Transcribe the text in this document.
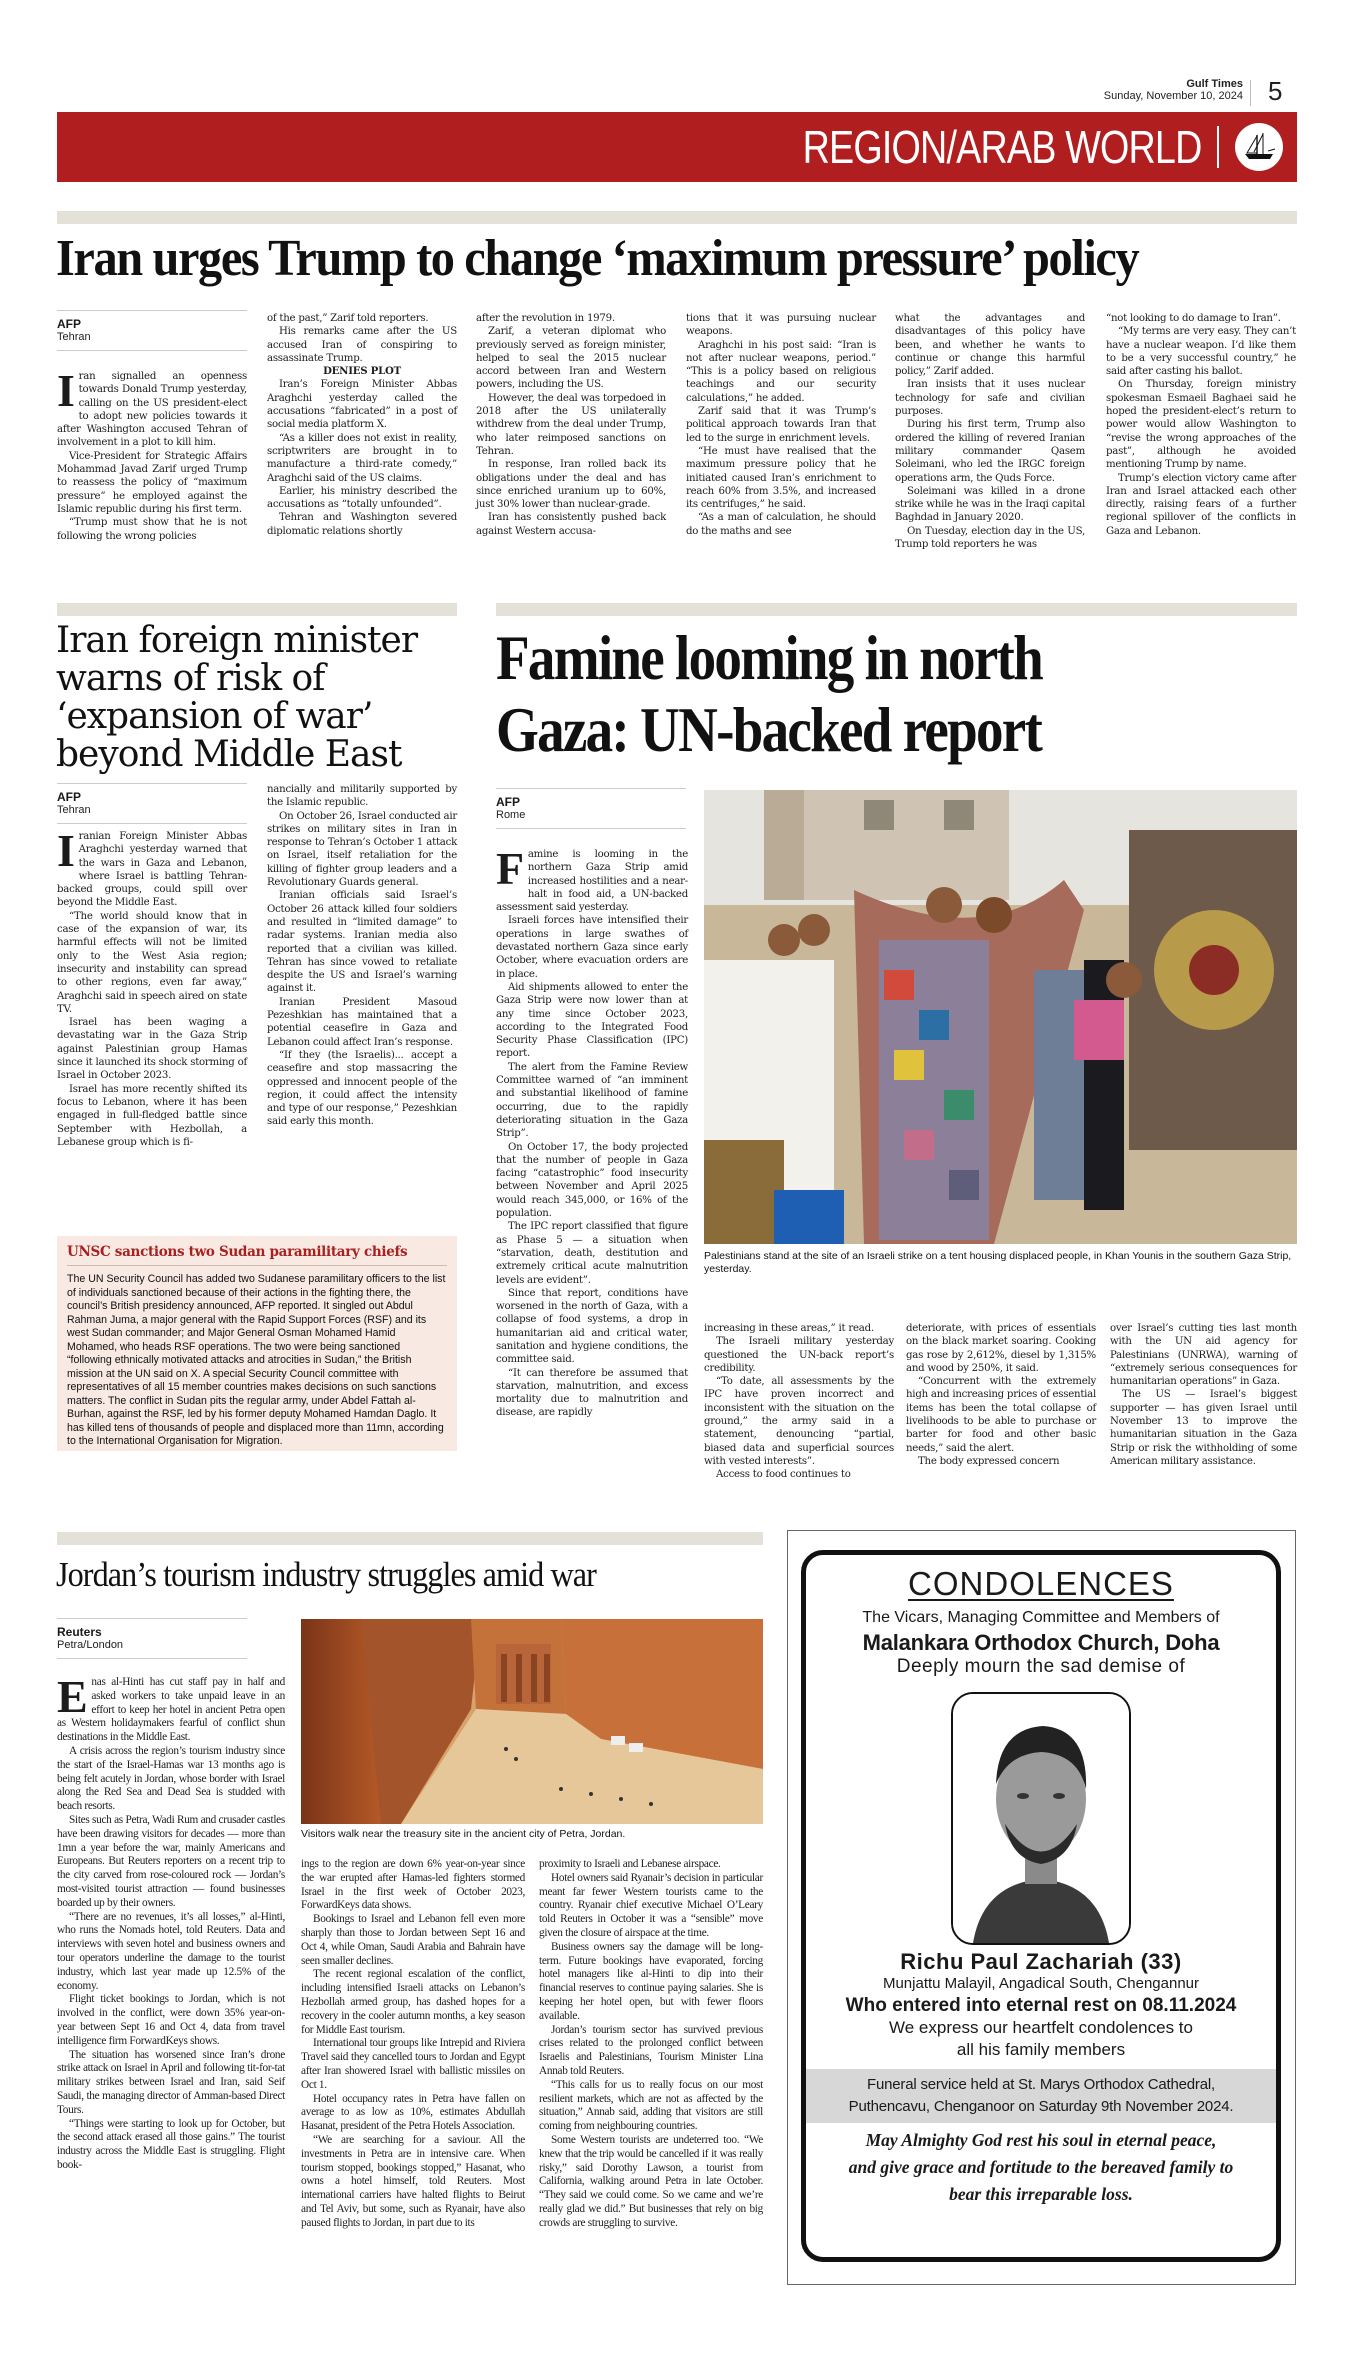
Gulf Times
Sunday, November 10, 2024 5
REGION/ARAB WORLD
Iran urges Trump to change ‘maximum pressure’ policy
AFP
Tehran

Iran signalled an openness towards Donald Trump yesterday, calling on the US president-elect to adopt new policies towards it after Washington accused Tehran of involvement in a plot to kill him.

Vice-President for Strategic Affairs Mohammad Javad Zarif urged Trump to reassess the policy of “maximum pressure” he employed against the Islamic republic during his first term.

“Trump must show that he is not following the wrong policies

of the past,” Zarif told reporters.

His remarks came after the US accused Iran of conspiring to assassinate Trump.

DENIES PLOT

Iran’s Foreign Minister Abbas Araghchi yesterday called the accusations “fabricated” in a post of social media platform X.

“As a killer does not exist in reality, scriptwriters are brought in to manufacture a third-rate comedy,” Araghchi said of the US claims.

Earlier, his ministry described the accusations as “totally unfounded”.

Tehran and Washington severed diplomatic relations shortly

after the revolution in 1979.

Zarif, a veteran diplomat who previously served as foreign minister, helped to seal the 2015 nuclear accord between Iran and Western powers, including the US.

However, the deal was torpedoed in 2018 after the US unilaterally withdrew from the deal under Trump, who later reimposed sanctions on Tehran.

In response, Iran rolled back its obligations under the deal and has since enriched uranium up to 60%, just 30% lower than nuclear-grade.

Iran has consistently pushed back against Western accusa-

tions that it was pursuing nuclear weapons.

Araghchi in his post said: “Iran is not after nuclear weapons, period.” “This is a policy based on religious teachings and our security calculations,” he added.

Zarif said that it was Trump’s political approach towards Iran that led to the surge in enrichment levels.

“He must have realised that the maximum pressure policy that he initiated caused Iran’s enrichment to reach 60% from 3.5%, and increased its centrifuges,” he said.

“As a man of calculation, he should do the maths and see

what the advantages and disadvantages of this policy have been, and whether he wants to continue or change this harmful policy,” Zarif added.

Iran insists that it uses nuclear technology for safe and civilian purposes.

During his first term, Trump also ordered the killing of revered Iranian military commander Qasem Soleimani, who led the IRGC foreign operations arm, the Quds Force.

Soleimani was killed in a drone strike while he was in the Iraqi capital Baghdad in January 2020.

On Tuesday, election day in the US, Trump told reporters he was

“not looking to do damage to Iran”.

“My terms are very easy. They can’t have a nuclear weapon. I’d like them to be a very successful country,” he said after casting his ballot.

On Thursday, foreign ministry spokesman Esmaeil Baghaei said he hoped the president-elect’s return to power would allow Washington to “revise the wrong approaches of the past”, although he avoided mentioning Trump by name.

Trump’s election victory came after Iran and Israel attacked each other directly, raising fears of a further regional spillover of the conflicts in Gaza and Lebanon.

Iran foreign minister
warns of risk of
‘expansion of war’
beyond Middle East
AFP
Tehran

Iranian Foreign Minister Abbas Araghchi yesterday warned that the wars in Gaza and Lebanon, where Israel is battling Tehran-backed groups, could spill over beyond the Middle East.

“The world should know that in case of the expansion of war, its harmful effects will not be limited only to the West Asia region; insecurity and instability can spread to other regions, even far away,” Araghchi said in speech aired on state TV.

Israel has been waging a devastating war in the Gaza Strip against Palestinian group Hamas since it launched its shock storming of Israel in October 2023.

Israel has more recently shifted its focus to Lebanon, where it has been engaged in full-fledged battle since September with Hezbollah, a Lebanese group which is fi-

nancially and militarily supported by the Islamic republic.

On October 26, Israel conducted air strikes on military sites in Iran in response to Tehran’s October 1 attack on Israel, itself retaliation for the killing of fighter group leaders and a Revolutionary Guards general.

Iranian officials said Israel’s October 26 attack killed four soldiers and resulted in “limited damage” to radar systems. Iranian media also reported that a civilian was killed. Tehran has since vowed to retaliate despite the US and Israel’s warning against it.

Iranian President Masoud Pezeshkian has maintained that a potential ceasefire in Gaza and Lebanon could affect Iran’s response.

“If they (the Israelis)... accept a ceasefire and stop massacring the oppressed and innocent people of the region, it could affect the intensity and type of our response,” Pezeshkian said early this month.

UNSC sanctions two Sudan paramilitary chiefs
The UN Security Council has added two Sudanese paramilitary officers to the list of individuals sanctioned because of their actions in the fighting there, the council’s British presidency announced, AFP reported. It singled out Abdul Rahman Juma, a major general with the Rapid Support Forces (RSF) and its west Sudan commander; and Major General Osman Mohamed Hamid Mohamed, who heads RSF operations. The two were being sanctioned “following ethnically motivated attacks and atrocities in Sudan,” the British mission at the UN said on X. A special Security Council committee with representatives of all 15 member countries makes decisions on such sanctions matters. The conflict in Sudan pits the regular army, under Abdel Fattah al-Burhan, against the RSF, led by his former deputy Mohamed Hamdan Daglo. It has killed tens of thousands of people and displaced more than 11mn, according to the International Organisation for Migration.
Famine looming in north
Gaza: UN-backed report
AFP
Rome
Palestinians stand at the site of an Israeli strike on a tent housing displaced people, in Khan Younis in the southern Gaza Strip, yesterday.

Famine is looming in the northern Gaza Strip amid increased hostilities and a near-halt in food aid, a UN-backed assessment said yesterday.

Israeli forces have intensified their operations in large swathes of devastated northern Gaza since early October, where evacuation orders are in place.

Aid shipments allowed to enter the Gaza Strip were now lower than at any time since October 2023, according to the Integrated Food Security Phase Classification (IPC) report.

The alert from the Famine Review Committee warned of “an imminent and substantial likelihood of famine occurring, due to the rapidly deteriorating situation in the Gaza Strip”.

On October 17, the body projected that the number of people in Gaza facing “catastrophic” food insecurity between November and April 2025 would reach 345,000, or 16% of the population.

The IPC report classified that figure as Phase 5 — a situation when “starvation, death, destitution and extremely critical acute malnutrition levels are evident”.

Since that report, conditions have worsened in the north of Gaza, with a collapse of food systems, a drop in humanitarian aid and critical water, sanitation and hygiene conditions, the committee said.

“It can therefore be assumed that starvation, malnutrition, and excess mortality due to malnutrition and disease, are rapidly

increasing in these areas,” it read.

The Israeli military yesterday questioned the UN-back report’s credibility.

“To date, all assessments by the IPC have proven incorrect and inconsistent with the situation on the ground,” the army said in a statement, denouncing “partial, biased data and superficial sources with vested interests”.

Access to food continues to

deteriorate, with prices of essentials on the black market soaring. Cooking gas rose by 2,612%, diesel by 1,315% and wood by 250%, it said.

“Concurrent with the extremely high and increasing prices of essential items has been the total collapse of livelihoods to be able to purchase or barter for food and other basic needs,” said the alert.

The body expressed concern

over Israel’s cutting ties last month with the UN aid agency for Palestinians (UNRWA), warning of “extremely serious consequences for humanitarian operations” in Gaza.

The US — Israel’s biggest supporter — has given Israel until November 13 to improve the humanitarian situation in the Gaza Strip or risk the withholding of some American military assistance.

Jordan’s tourism industry struggles amid war
Reuters
Petra/London
Visitors walk near the treasury site in the ancient city of Petra, Jordan.

Enas al-Hinti has cut staff pay in half and asked workers to take unpaid leave in an effort to keep her hotel in ancient Petra open as Western holidaymakers fearful of conflict shun destinations in the Middle East.

A crisis across the region’s tourism industry since the start of the Israel-Hamas war 13 months ago is being felt acutely in Jordan, whose border with Israel along the Red Sea and Dead Sea is studded with beach resorts.

Sites such as Petra, Wadi Rum and crusader castles have been drawing visitors for decades — more than 1mn a year before the war, mainly Americans and Europeans. But Reuters reporters on a recent trip to the city carved from rose-coloured rock — Jordan’s most-visited tourist attraction — found businesses boarded up by their owners.

“There are no revenues, it’s all losses,” al-Hinti, who runs the Nomads hotel, told Reuters. Data and interviews with seven hotel and business owners and tour operators underline the damage to the tourist industry, which last year made up 12.5% of the economy.

Flight ticket bookings to Jordan, which is not involved in the conflict, were down 35% year-on-year between Sept 16 and Oct 4, data from travel intelligence firm ForwardKeys shows.

The situation has worsened since Iran’s drone strike attack on Israel in April and following tit-for-tat military strikes between Israel and Iran, said Seif Saudi, the managing director of Amman-based Direct Tours.

“Things were starting to look up for October, but the second attack erased all those gains.” The tourist industry across the Middle East is struggling. Flight book-

ings to the region are down 6% year-on-year since the war erupted after Hamas-led fighters stormed Israel in the first week of October 2023, ForwardKeys data shows.

Bookings to Israel and Lebanon fell even more sharply than those to Jordan between Sept 16 and Oct 4, while Oman, Saudi Arabia and Bahrain have seen smaller declines.

The recent regional escalation of the conflict, including intensified Israeli attacks on Lebanon’s Hezbollah armed group, has dashed hopes for a recovery in the cooler autumn months, a key season for Middle East tourism.

International tour groups like Intrepid and Riviera Travel said they cancelled tours to Jordan and Egypt after Iran showered Israel with ballistic missiles on Oct 1.

Hotel occupancy rates in Petra have fallen on average to as low as 10%, estimates Abdullah Hasanat, president of the Petra Hotels Association.

“We are searching for a saviour. All the investments in Petra are in intensive care. When tourism stopped, bookings stopped,” Hasanat, who owns a hotel himself, told Reuters. Most international carriers have halted flights to Beirut and Tel Aviv, but some, such as Ryanair, have also paused flights to Jordan, in part due to its

proximity to Israeli and Lebanese airspace.

Hotel owners said Ryanair’s decision in particular meant far fewer Western tourists came to the country. Ryanair chief executive Michael O’Leary told Reuters in October it was a “sensible” move given the closure of airspace at the time.

Business owners say the damage will be long-term. Future bookings have evaporated, forcing hotel managers like al-Hinti to dip into their financial reserves to continue paying salaries. She is keeping her hotel open, but with fewer floors available.

Jordan’s tourism sector has survived previous crises related to the prolonged conflict between Israelis and Palestinians, Tourism Minister Lina Annab told Reuters.

“This calls for us to really focus on our most resilient markets, which are not as affected by the situation,” Annab said, adding that visitors are still coming from neighbouring countries.

Some Western tourists are undeterred too. “We knew that the trip would be cancelled if it was really risky,” said Dorothy Lawson, a tourist from California, walking around Petra in late October. “They said we could come. So we came and we’re really glad we did.” But businesses that rely on big crowds are struggling to survive.

CONDOLENCES
The Vicars, Managing Committee and Members of
Malankara Orthodox Church, Doha
Deeply mourn the sad demise of
Richu Paul Zachariah (33)
Munjattu Malayil, Angadical South, Chengannur
Who entered into eternal rest on 08.11.2024
We express our heartfelt condolences to
all his family members
Funeral service held at St. Marys Orthodox Cathedral,
Puthencavu, Chenganoor on Saturday 9th November 2024.
May Almighty God rest his soul in eternal peace,
and give grace and fortitude to the bereaved family to
bear this irreparable loss.
